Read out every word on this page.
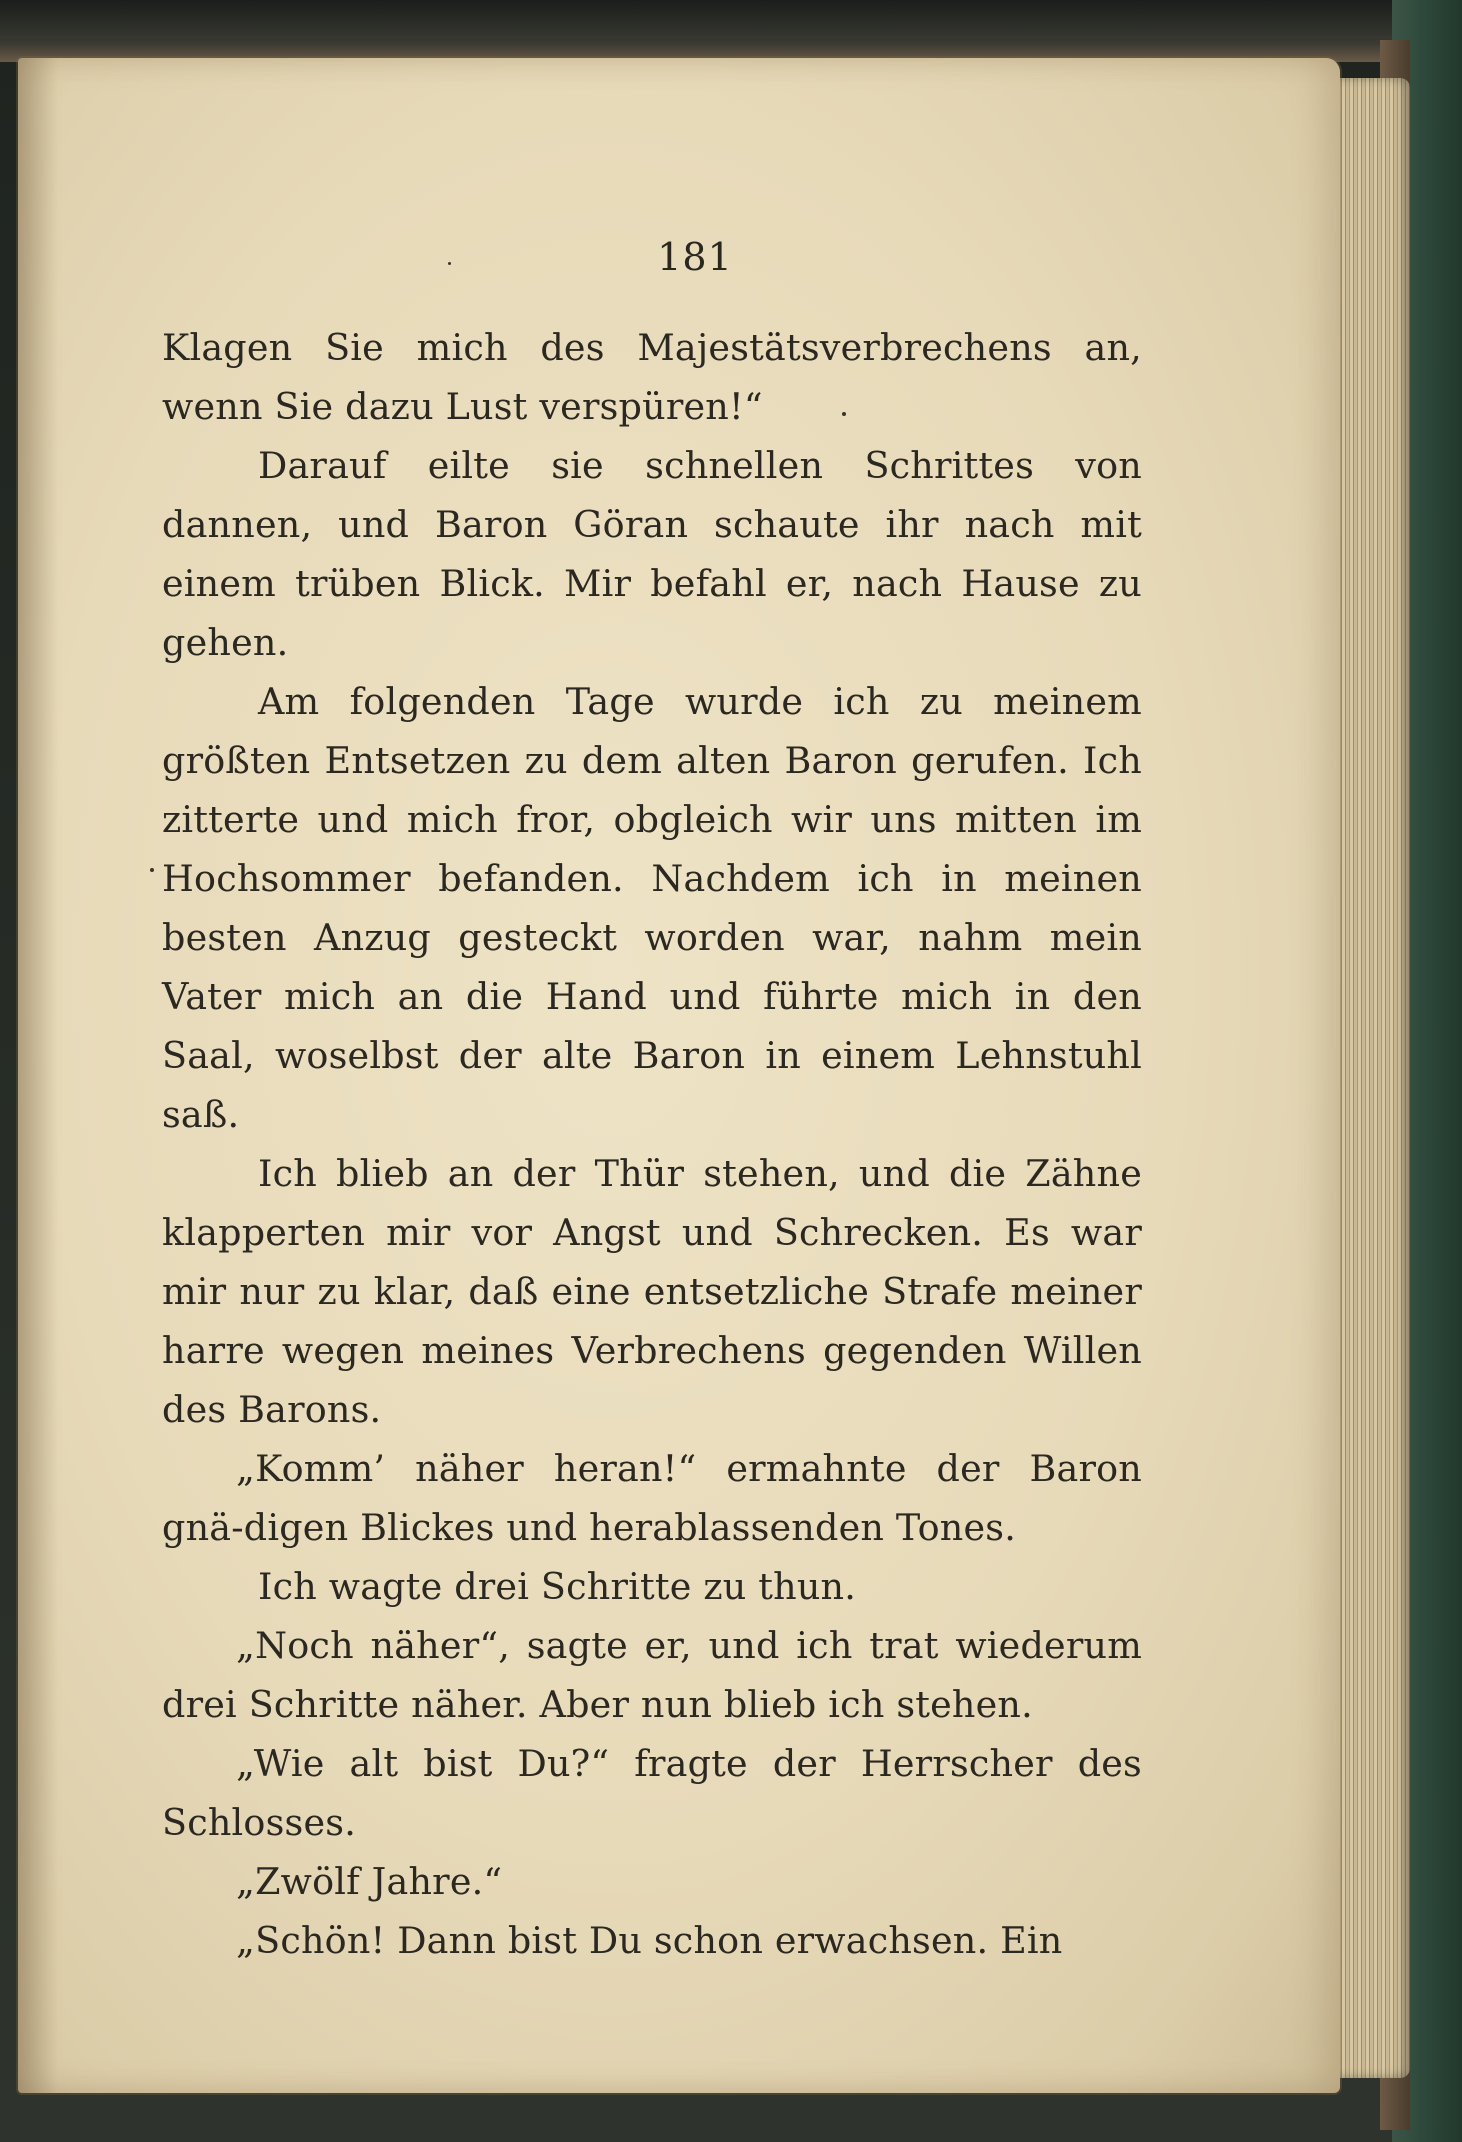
181

Klagen Sie mich des Majestätsverbrechens an, wenn Sie dazu Lust verspüren!“

Darauf eilte sie schnellen Schrittes von dannen, und Baron Göran schaute ihr nach mit einem trüben Blick. Mir befahl er, nach Hause zu gehen.

Am folgenden Tage wurde ich zu meinem größten Entsetzen zu dem alten Baron gerufen. Ich zitterte und mich fror, obgleich wir uns mitten im Hochsommer befanden. Nachdem ich in meinen besten Anzug gesteckt worden war, nahm mein Vater mich an die Hand und führte mich in den Saal, woselbst der alte Baron in einem Lehnstuhl saß.

Ich blieb an der Thür stehen, und die Zähne klapperten mir vor Angst und Schrecken. Es war mir nur zu klar, daß eine entsetzliche Strafe meiner harre wegen meines Verbrechens gegenden Willen des Barons.

„Komm’ näher heran!“ ermahnte der Baron gnä-digen Blickes und herablassenden Tones.

Ich wagte drei Schritte zu thun.

„Noch näher“, sagte er, und ich trat wiederum drei Schritte näher. Aber nun blieb ich stehen.

„Wie alt bist Du?“ fragte der Herrscher des Schlosses.

„Zwölf Jahre.“

„Schön! Dann bist Du schon erwachsen. Ein
